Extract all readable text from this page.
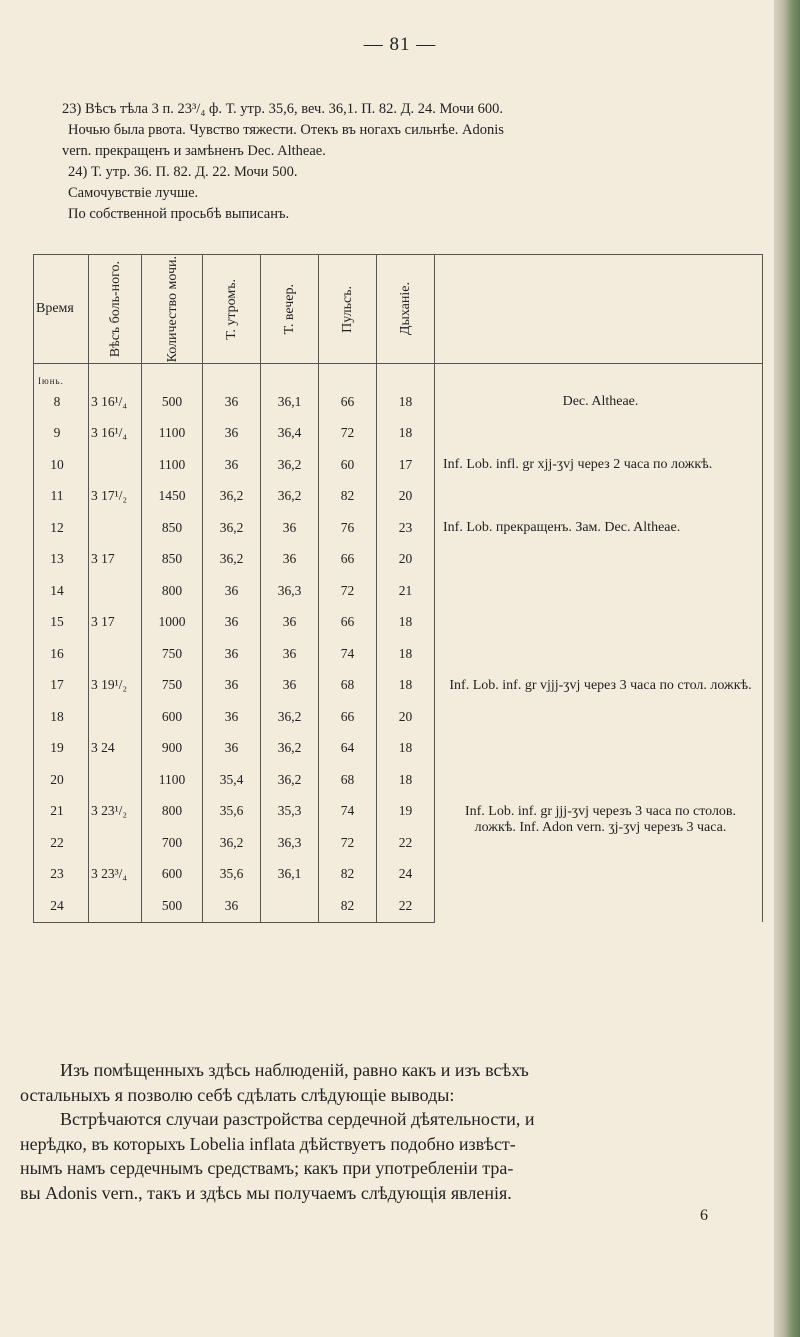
— 81 —
23) Вѣсъ тѣла 3 п. 23³/₄ ф. Т. утр. 35,6, веч. 36,1. П. 82. Д. 24. Мочи 600.
Ночью была рвота. Чувство тяжести. Отекъ въ ногахъ сильнѣе. Adonis
vern. прекращенъ и замѣненъ Dec. Althеae.
24) Т. утр. 36. П. 82. Д. 22. Мочи 500.
Самочувствіе лучше.
По собственной просьбѣ выписанъ.
Время	Вѣсъ боль-ного.	Количество мочи.	Т. утромъ.	Т. вечер.	Пульсъ.	Дыханіе.	

Іюнь.							
8	3 16¹/₄	500	36	36,1	66	18	Dec. Althеae.
9	3 16¹/₄	1100	36	36,4	72	18	
10		1100	36	36,2	60	17	Inf. Lob. infl. gr xjj-ʒvj через 2 часа по ложкѣ.
11	3 17¹/₂	1450	36,2	36,2	82	20	
12		850	36,2	36	76	23	Inf. Lob. прекращенъ. Зам. Dec. Althеae.
13	3 17	850	36,2	36	66	20	
14		800	36	36,3	72	21	
15	3 17	1000	36	36	66	18	
16		750	36	36	74	18	
17	3 19¹/₂	750	36	36	68	18	Inf. Lob. inf. gr vjjj-ʒvj через 3 часа по стол. ложкѣ.
18		600	36	36,2	66	20	
19	3 24	900	36	36,2	64	18	
20		1100	35,4	36,2	68	18	
21	3 23¹/₂	800	35,6	35,3	74	19	Inf. Lob. inf. gr jjj-ʒvj черезъ 3 часа по столов. ложкѣ. Inf. Adon vern. ʒj-ʒvj черезъ 3 часа.
22		700	36,2	36,3	72	22	
23	3 23³/₄	600	35,6	36,1	82	24	
24		500	36		82	22	
Изъ помѣщенныхъ здѣсь наблюденій, равно какъ и изъ всѣхъ
остальныхъ я позволю себѣ сдѣлать слѣдующіе выводы:
Встрѣчаются случаи разстройства сердечной дѣятельности, и
нерѣдко, въ которыхъ Lobelia inflata дѣйствуетъ подобно извѣст-
нымъ намъ сердечнымъ средствамъ; какъ при употребленіи тра-
вы Adonis vern., такъ и здѣсь мы получаемъ слѣдующія явленія.
6
